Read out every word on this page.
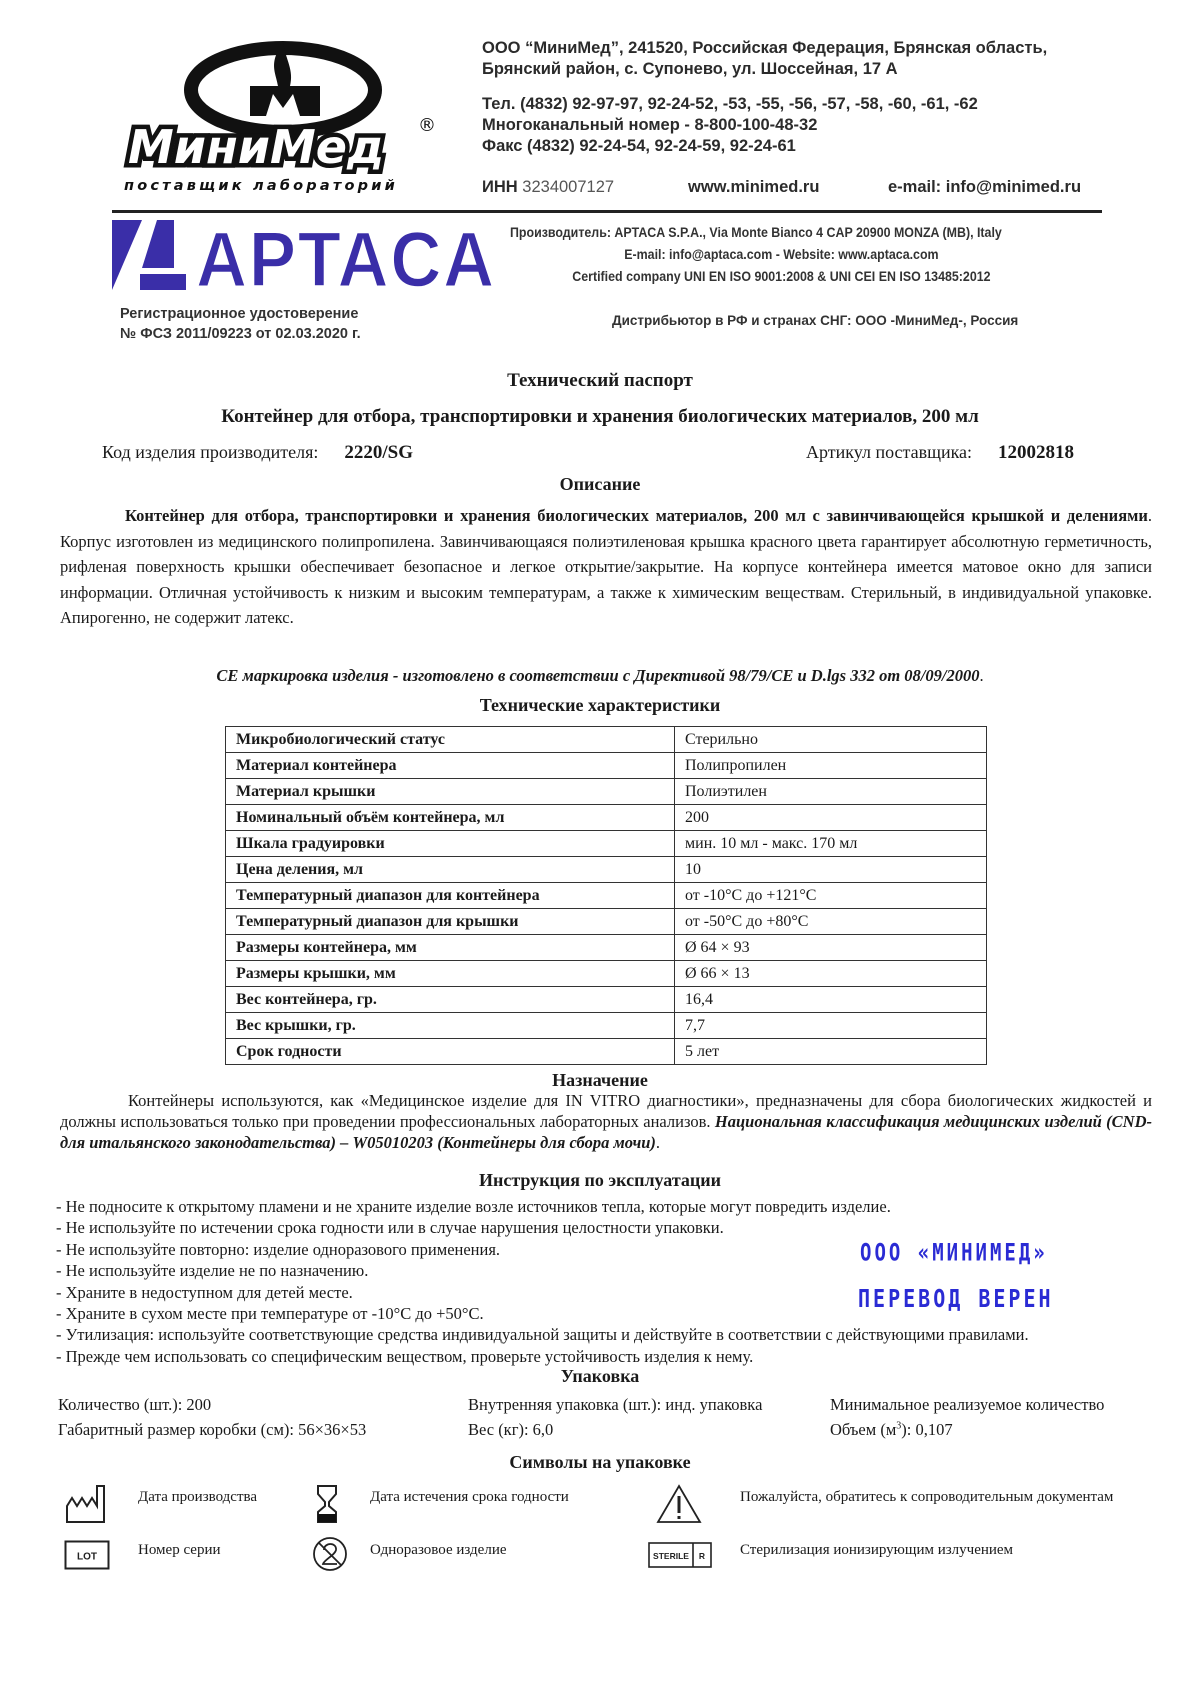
МиниМед ®
поставщик лабораторий
ООО “МиниМед”, 241520, Российская Федерация, Брянская область,
Брянский район, с. Супонево, ул. Шоссейная, 17 А
Тел. (4832) 92-97-97, 92-24-52, -53, -55, -56, -57, -58, -60, -61, -62
Многоканальный номер - 8-800-100-48-32
Факс (4832) 92-24-54, 92-24-59, 92-24-61
ИНН 3234007127	www.minimed.ru	e-mail: info@minimed.ru
APTACA Производитель: APTACA S.P.A., Via Monte Bianco 4 CAP 20900 MONZA (MB), Italy
E-mail: info@aptaca.com - Website: www.aptaca.com
Certified company UNI EN ISO 9001:2008 & UNI CEI EN ISO 13485:2012
Регистрационное удостоверение
№ ФСЗ 2011/09223 от 02.03.2020 г.
Дистрибьютор в РФ и странах СНГ: ООО -МиниМед-, Россия
Технический паспорт
Контейнер для отбора, транспортировки и хранения биологических материалов, 200 мл
Код изделия производителя: 2220/SG	Артикул поставщика: 12002818
Описание
Контейнер для отбора, транспортировки и хранения биологических материалов, 200 мл с завинчивающейся крышкой и делениями. Корпус изготовлен из медицинского полипропилена. Завинчивающаяся полиэтиленовая крышка красного цвета гарантирует абсолютную герметичность, рифленая поверхность крышки обеспечивает безопасное и легкое открытие/закрытие. На корпусе контейнера имеется матовое окно для записи информации. Отличная устойчивость к низким и высоким температурам, а также к химическим веществам. Стерильный, в индивидуальной упаковке. Апирогенно, не содержит латекс.
CE маркировка изделия - изготовлено в соответствии с Директивой 98/79/CE и D.lgs 332 от 08/09/2000.
Технические характеристики
Микробиологический статус	Стерильно
Материал контейнера	Полипропилен
Материал крышки	Полиэтилен
Номинальный объём контейнера, мл	200
Шкала градуировки	мин. 10 мл - макс. 170 мл
Цена деления, мл	10
Температурный диапазон для контейнера	от -10°C до +121°C
Температурный диапазон для крышки	от -50°C до +80°C
Размеры контейнера, мм	Ø 64 × 93
Размеры крышки, мм	Ø 66 × 13
Вес контейнера, гр.	16,4
Вес крышки, гр.	7,7
Срок годности	5 лет
Назначение
Контейнеры используются, как «Медицинское изделие для IN VITRO диагностики», предназначены для сбора биологических жидкостей и должны использоваться только при проведении профессиональных лабораторных анализов. Национальная классификация медицинских изделий (CND-для итальянского законодательства) – W05010203 (Контейнеры для сбора мочи).
Инструкция по эксплуатации
- Не подносите к открытому пламени и не храните изделие возле источников тепла, которые могут повредить изделие.
- Не используйте по истечении срока годности или в случае нарушения целостности упаковки.
- Не используйте повторно: изделие одноразового применения.
- Не используйте изделие не по назначению.
- Храните в недоступном для детей месте.
- Храните в сухом месте при температуре от -10°C до +50°C.
- Утилизация: используйте соответствующие средства индивидуальной защиты и действуйте в соответствии с действующими правилами.
- Прежде чем использовать со специфическим веществом, проверьте устойчивость изделия к нему.
ООО «МИНИМЕД»
ПЕРЕВОД ВЕРЕН
Упаковка
Количество (шт.): 200	Внутренняя упаковка (шт.): инд. упаковка	Минимальное реализуемое количество
Габаритный размер коробки (см): 56×36×53	Вес (кг): 6,0	Объем $(м^3)$: 0,107
Символы на упаковке
Дата производства	Дата истечения срока годности	Пожалуйста, обратитесь к сопроводительным документам
LOT	Номер серии	Одноразовое изделие	STERILE R Стерилизация ионизирующим излучением
